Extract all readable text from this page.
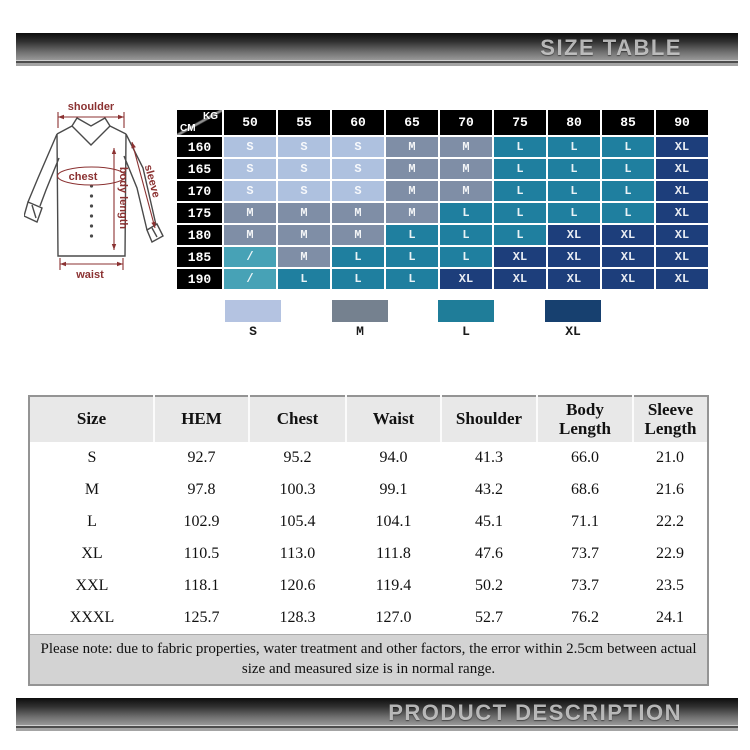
SIZE TABLE
shoulder
chest body length sleeve
waist
KG
CM	50	55	60	65	70	75	80	85	90
160	S	S	S	M	M	L	L	L	XL
165	S	S	S	M	M	L	L	L	XL
170	S	S	S	M	M	L	L	L	XL
175	M	M	M	M	L	L	L	L	XL
180	M	M	M	L	L	L	XL	XL	XL
185	/	M	L	L	L	XL	XL	XL	XL
190	/	L	L	L	XL	XL	XL	XL	XL
S	M	L	XL
Size	HEM	Chest	Waist	Shoulder	Body Length	Sleeve Length
S	92.7	95.2	94.0	41.3	66.0	21.0
M	97.8	100.3	99.1	43.2	68.6	21.6
L	102.9	105.4	104.1	45.1	71.1	22.2
XL	110.5	113.0	111.8	47.6	73.7	22.9
XXL	118.1	120.6	119.4	50.2	73.7	23.5
XXXL	125.7	128.3	127.0	52.7	76.2	24.1

Please note: due to fabric properties, water treatment and other factors, the error within 2.5cm between actual size and measured size is in normal range.						
PRODUCT DESCRIPTION
